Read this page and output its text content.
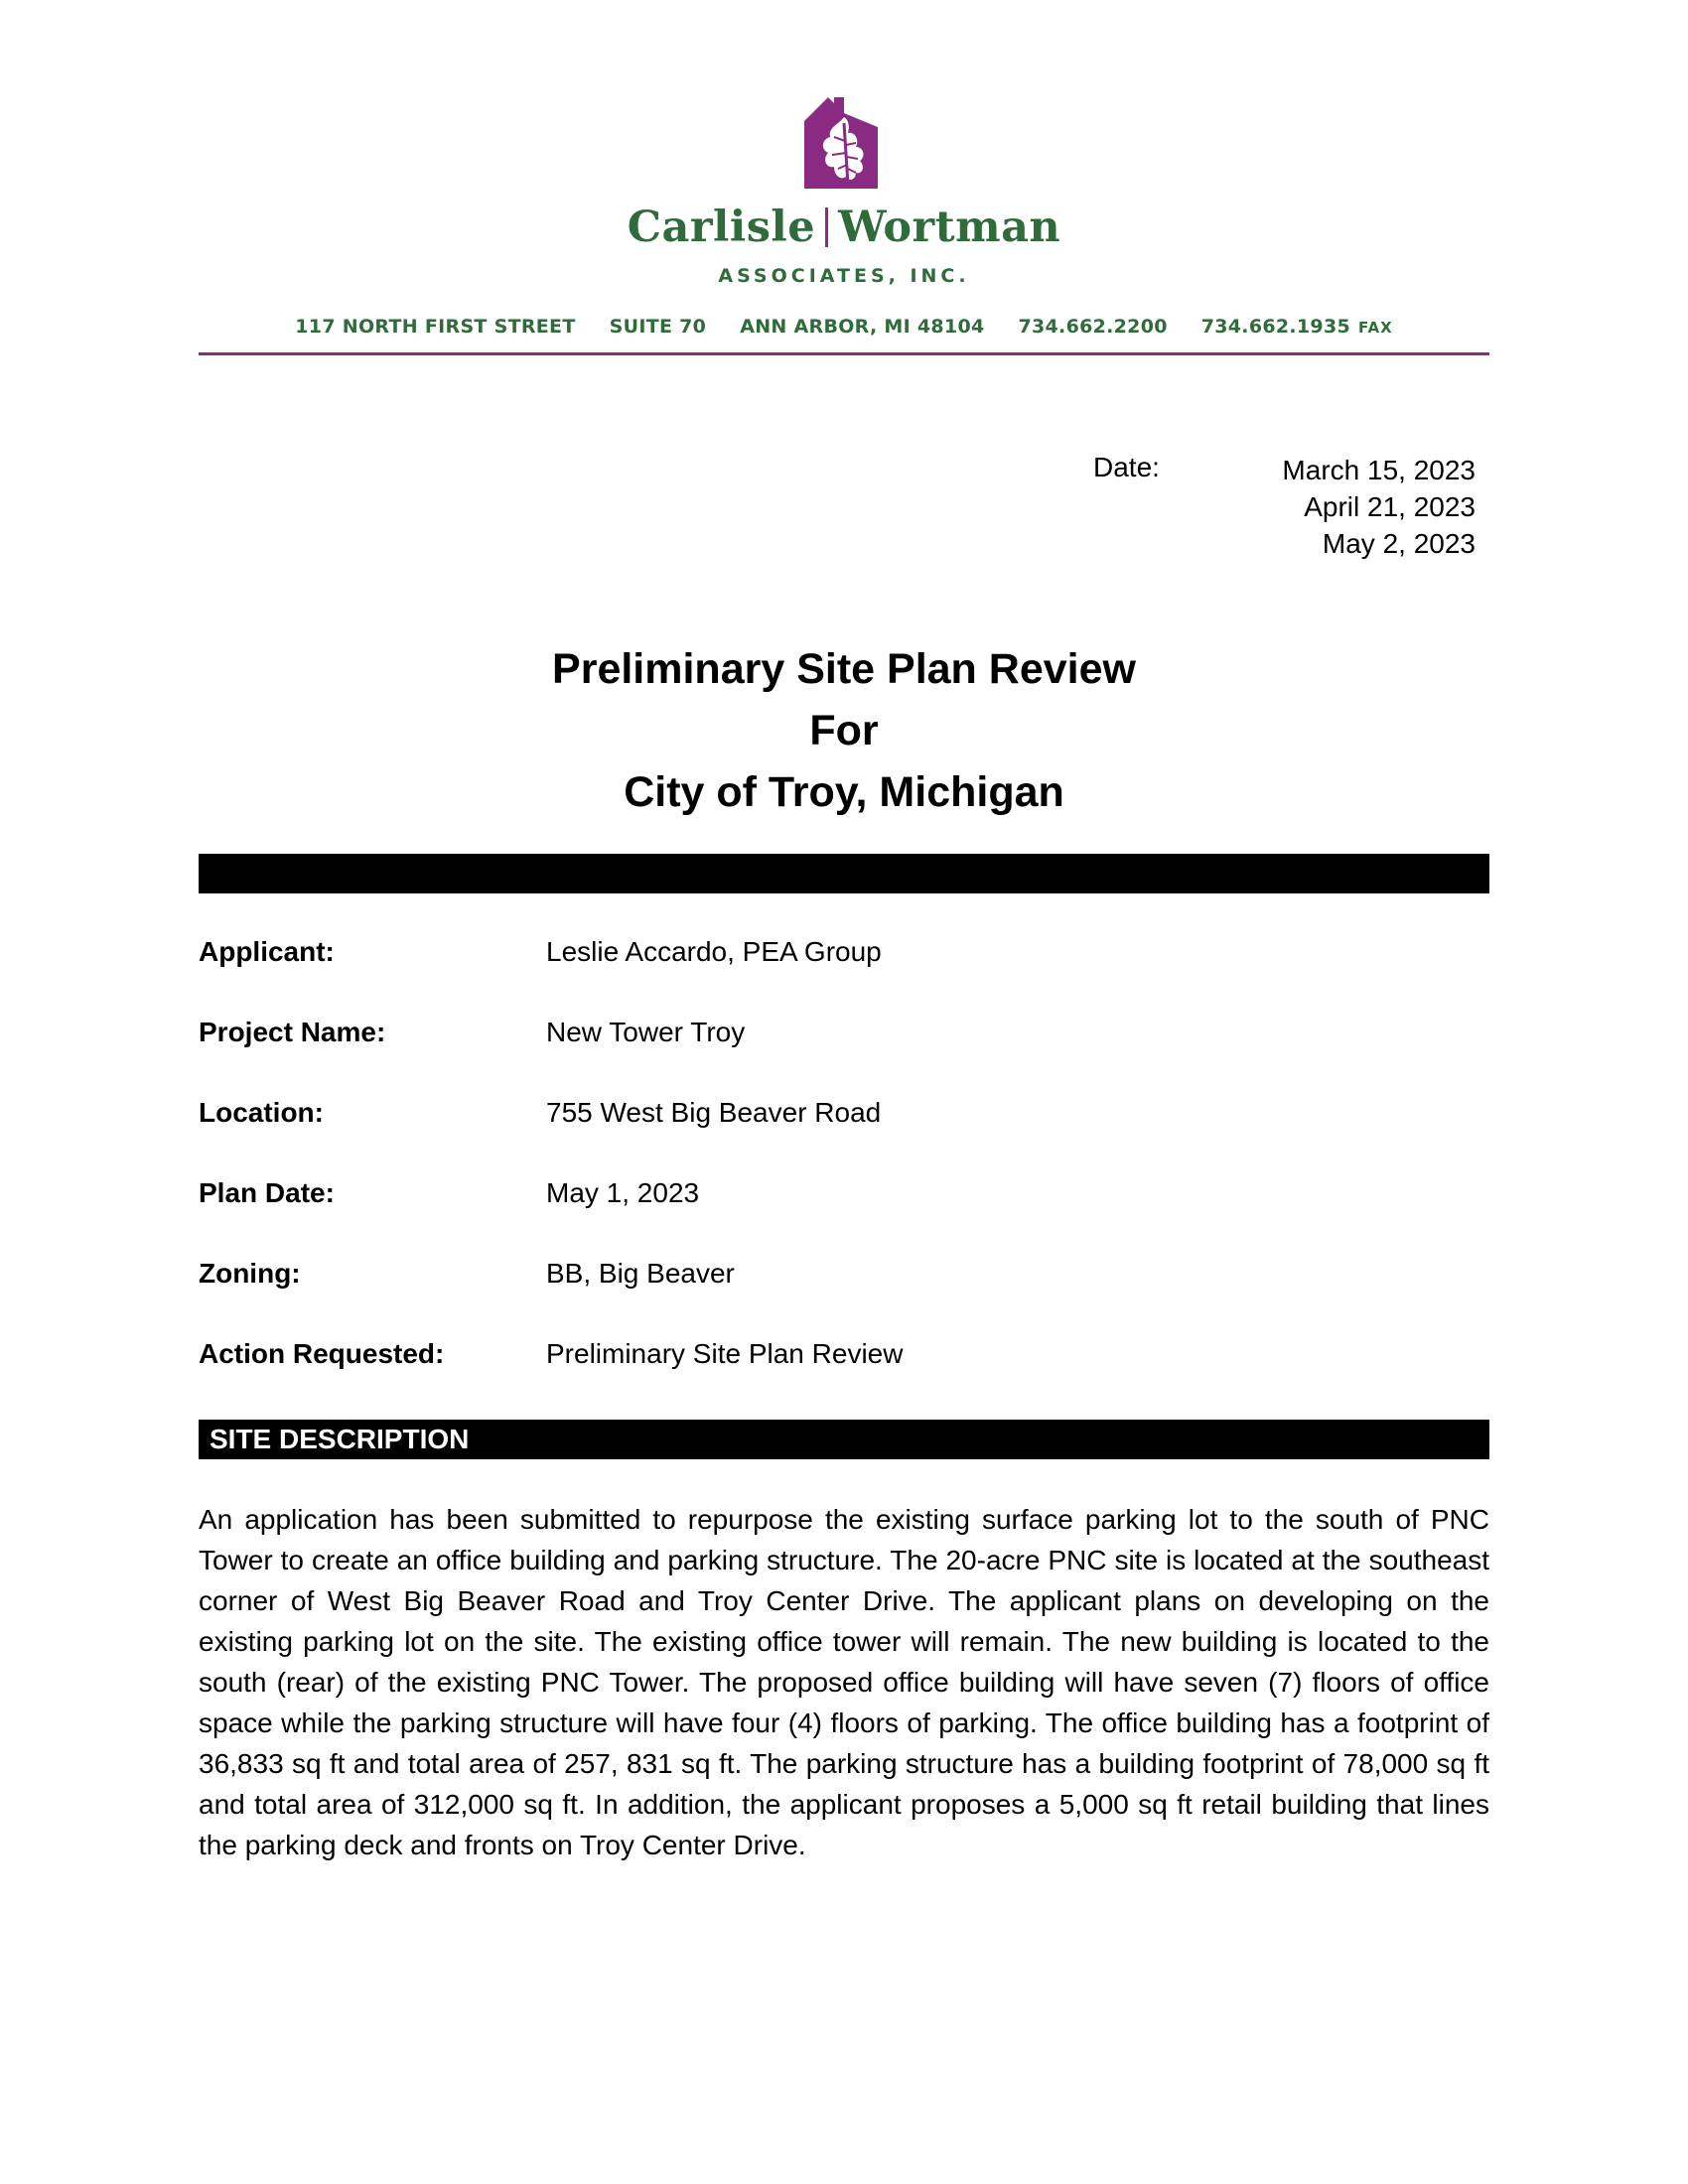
Carlisle Wortman
ASSOCIATES, INC.
117 NORTH FIRST STREET SUITE 70 ANN ARBOR, MI 48104 734.662.2200 734.662.1935 FAX
Date:	March 15, 2023
April 21, 2023
May 2, 2023
Preliminary Site Plan Review
For
City of Troy, Michigan
Applicant:	Leslie Accardo, PEA Group
Project Name:	New Tower Troy
Location:	755 West Big Beaver Road
Plan Date:	May 1, 2023
Zoning:	BB, Big Beaver
Action Requested:	Preliminary Site Plan Review
SITE DESCRIPTION

An application has been submitted to repurpose the existing surface parking lot to the south of PNC Tower to create an office building and parking structure. The 20-acre PNC site is located at the southeast corner of West Big Beaver Road and Troy Center Drive. The applicant plans on developing on the existing parking lot on the site. The existing office tower will remain. The new building is located to the south (rear) of the existing PNC Tower. The proposed office building will have seven (7) floors of office space while the parking structure will have four (4) floors of parking. The office building has a footprint of 36,833 sq ft and total area of 257, 831 sq ft. The parking structure has a building footprint of 78,000 sq ft and total area of 312,000 sq ft. In addition, the applicant proposes a 5,000 sq ft retail building that lines the parking deck and fronts on Troy Center Drive.
